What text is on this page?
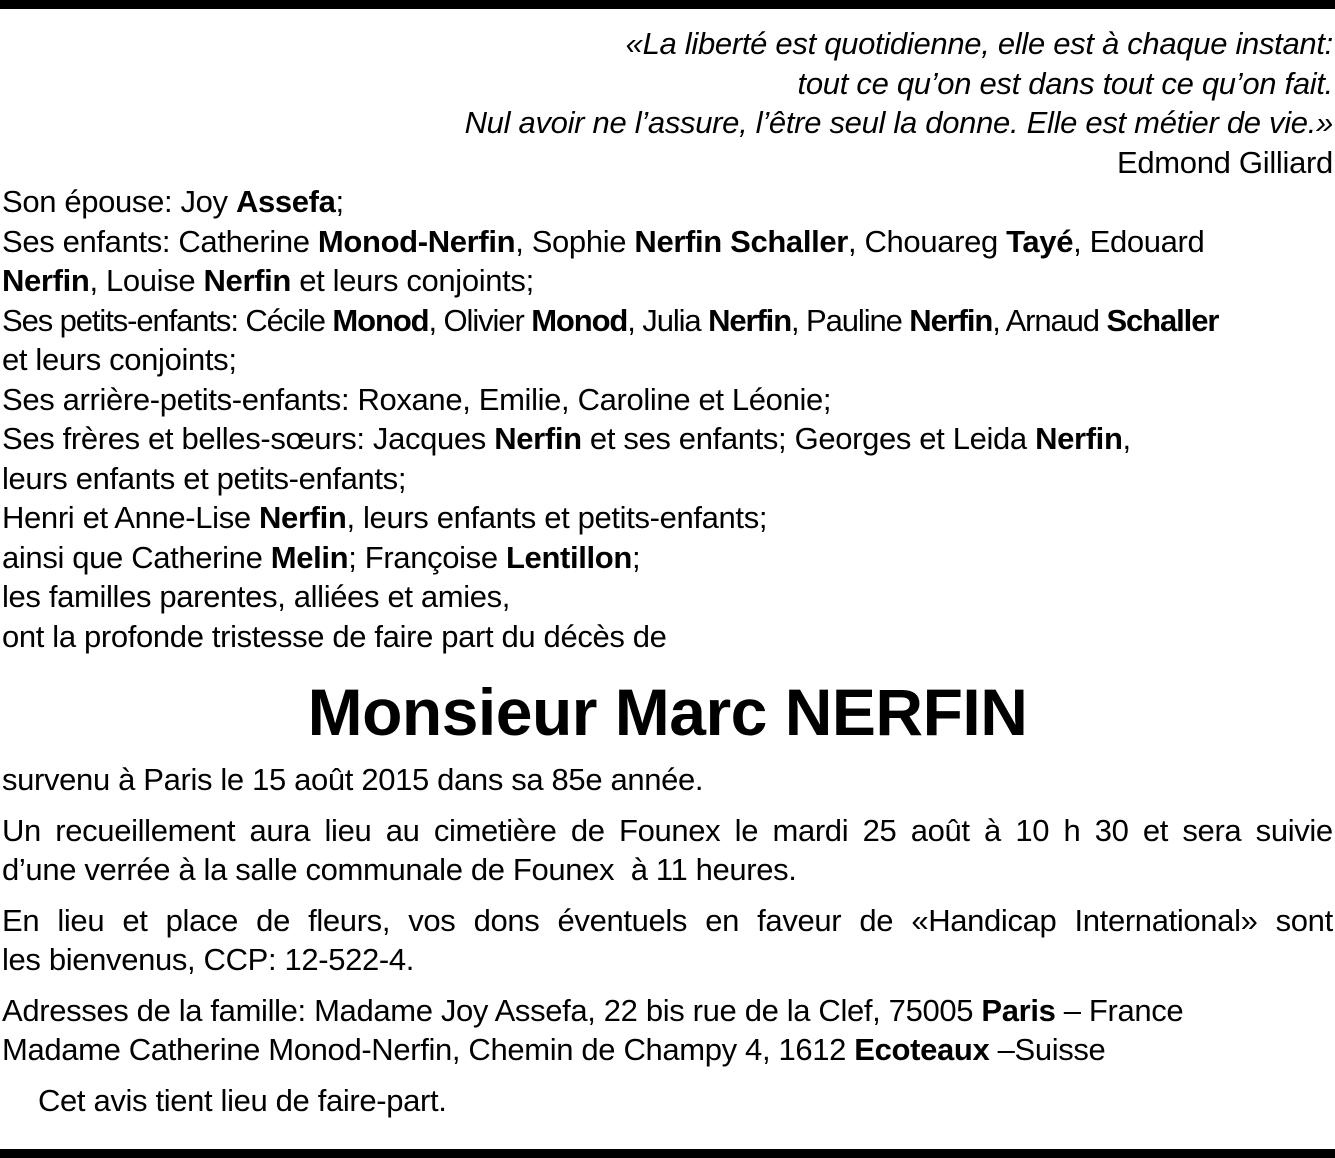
«La liberté est quotidienne, elle est à chaque instant:
tout ce qu’on est dans tout ce qu’on fait.
Nul avoir ne l’assure, l’être seul la donne. Elle est métier de vie.»
Edmond Gilliard
Son épouse: Joy Assefa;
Ses enfants: Catherine Monod-Nerfin, Sophie Nerfin Schaller, Chouareg Tayé, Edouard
Nerfin, Louise Nerfin et leurs conjoints;
Ses petits-enfants: Cécile Monod, Olivier Monod, Julia Nerfin, Pauline Nerfin, Arnaud Schaller
et leurs conjoints;
Ses arrière-petits-enfants: Roxane, Emilie, Caroline et Léonie;
Ses frères et belles-sœurs: Jacques Nerfin et ses enfants; Georges et Leida Nerfin,
leurs enfants et petits-enfants;
Henri et Anne-Lise Nerfin, leurs enfants et petits-enfants;
ainsi que Catherine Melin; Françoise Lentillon;
les familles parentes, alliées et amies,
ont la profonde tristesse de faire part du décès de
Monsieur Marc NERFIN
survenu à Paris le 15 août 2015 dans sa 85e année.
Un recueillement aura lieu au cimetière de Founex le mardi 25 août à 10 h 30 et sera suivie
d’une verrée à la salle communale de Founex  à 11 heures.
En lieu et place de fleurs, vos dons éventuels en faveur de «Handicap International» sont
les bienvenus, CCP: 12-522-4.
Adresses de la famille: Madame Joy Assefa, 22 bis rue de la Clef, 75005 Paris – France
Madame Catherine Monod-Nerfin, Chemin de Champy 4, 1612 Ecoteaux –Suisse
Cet avis tient lieu de faire-part.
